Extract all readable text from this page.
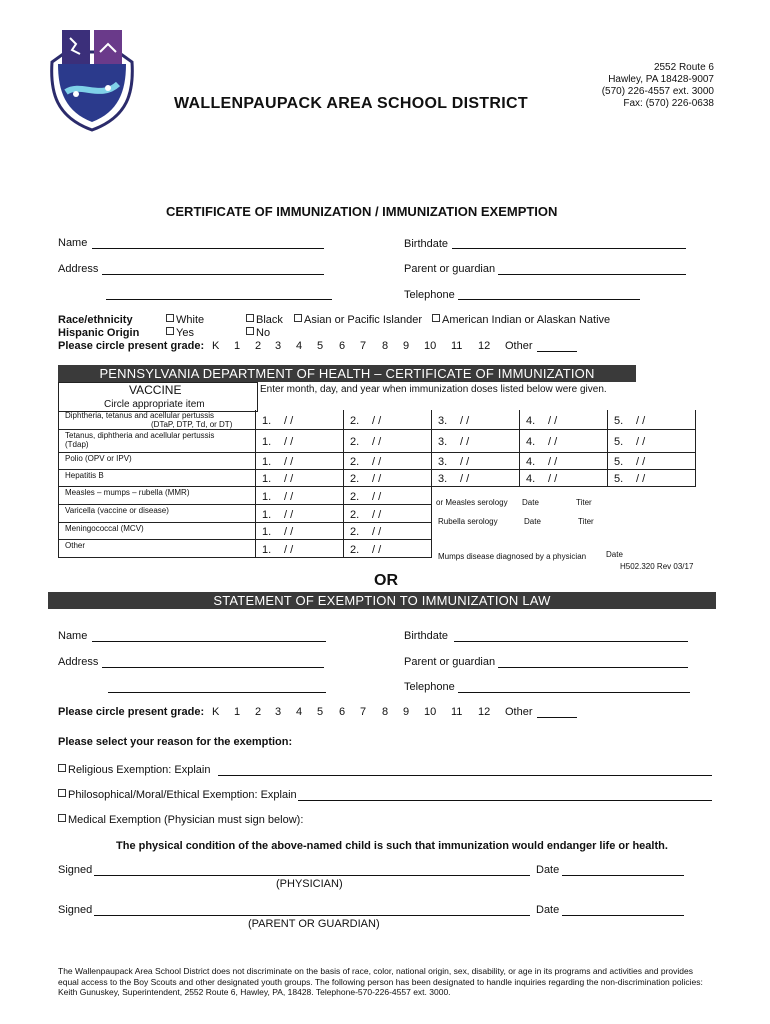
WALLENPAUPACK AREA SCHOOL DISTRICT
2552 Route 6
Hawley, PA 18428-9007
(570) 226-4557 ext. 3000
Fax: (570) 226-0638
CERTIFICATE OF IMMUNIZATION / IMMUNIZATION EXEMPTION
Name	Birthdate
Address	Parent or guardian
Telephone
Race/ethnicity	White	Black	Asian or Pacific Islander	American Indian or Alaskan Native
Hispanic Origin	Yes	No
Please circle present grade: K 1 2 3 4 5 6 7 8 9 10 11 12 Other
PENNSYLVANIA DEPARTMENT OF HEALTH – CERTIFICATE OF IMMUNIZATION
VACCINE
Circle appropriate item
Enter month, day, and year when immunization doses listed below were given.
Diphtheria, tetanus and acellular pertussis
(DTaP, DTP, Td, or DT)	1. / /	2. / /	3. / /	4. / /	5. / /
Tetanus, diphtheria and acellular pertussis
(Tdap)	1. / /	2. / /	3. / /	4. / /	5. / /
Polio (OPV or IPV)	1. / /	2. / /	3. / /	4. / /	5. / /
Hepatitis B	1. / /	2. / /	3. / /	4. / /	5. / /
Measles – mumps – rubella (MMR)	1. / /	2. / /
Varicella (vaccine or disease)	1. / /	2. / /
Meningococcal (MCV)	1. / /	2. / /
Other	1. / /	2. / /
or Measles serology Date	Titer
Rubella serology	Date	Titer
Mumps disease diagnosed by a physician Date
H502.320 Rev 03/17
OR
STATEMENT OF EXEMPTION TO IMMUNIZATION LAW
Name	Birthdate
Address	Parent or guardian
Telephone
Please circle present grade: K 1 2 3 4 5 6 7 8 9 10 11 12 Other
Please select your reason for the exemption:
Religious Exemption: Explain
Philosophical/Moral/Ethical Exemption: Explain
Medical Exemption (Physician must sign below):
The physical condition of the above-named child is such that immunization would endanger life or health.
Signed	Date
(PHYSICIAN)
Signed	Date
(PARENT OR GUARDIAN)
The Wallenpaupack Area School District does not discriminate on the basis of race, color, national origin, sex, disability, or age in its programs and activities and provides equal access to the Boy Scouts and other designated youth groups. The following person has been designated to handle inquiries regarding the non-discrimination policies: Keith Gunuskey, Superintendent, 2552 Route 6, Hawley, PA, 18428. Telephone-570-226-4557 ext. 3000.
